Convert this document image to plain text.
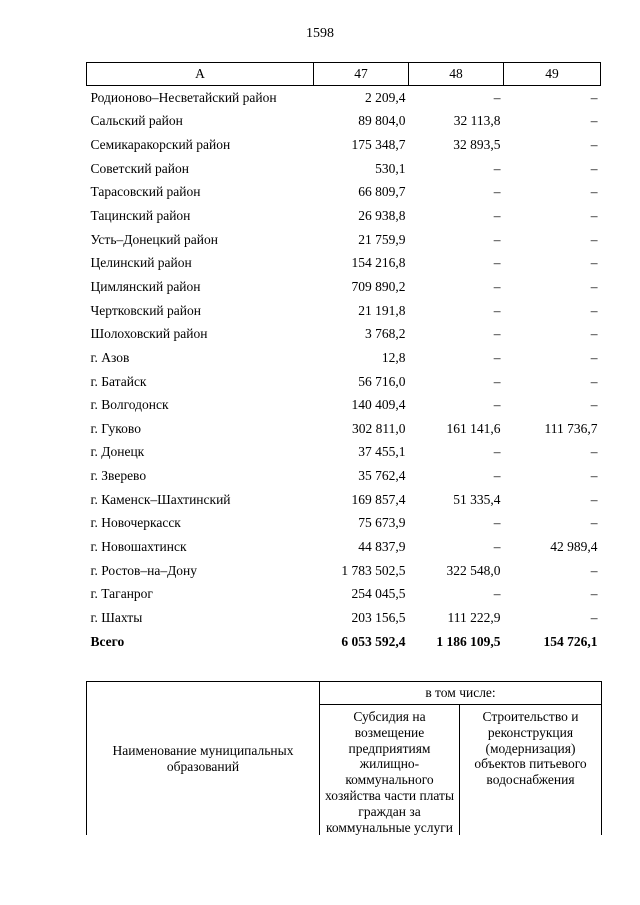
1598
А	47	48	49
Родионово–Несветайский район	2 209,4	–	–
Сальский район	89 804,0	32 113,8	–
Семикаракорский район	175 348,7	32 893,5	–
Советский район	530,1	–	–
Тарасовский район	66 809,7	–	–
Тацинский район	26 938,8	–	–
Усть–Донецкий район	21 759,9	–	–
Целинский район	154 216,8	–	–
Цимлянский район	709 890,2	–	–
Чертковский район	21 191,8	–	–
Шолоховский район	3 768,2	–	–
г. Азов	12,8	–	–
г. Батайск	56 716,0	–	–
г. Волгодонск	140 409,4	–	–
г. Гуково	302 811,0	161 141,6	111 736,7
г. Донецк	37 455,1	–	–
г. Зверево	35 762,4	–	–
г. Каменск–Шахтинский	169 857,4	51 335,4	–
г. Новочеркасск	75 673,9	–	–
г. Новошахтинск	44 837,9	–	42 989,4
г. Ростов–на–Дону	1 783 502,5	322 548,0	–
г. Таганрог	254 045,5	–	–
г. Шахты	203 156,5	111 222,9	–
Всего	6 053 592,4	1 186 109,5	154 726,1
Наименование муниципальных образований	в том числе:	
	Субсидия на возмещение предприятиям жилищно-коммунального хозяйства части платы граждан за коммунальные услуги	Строительство и реконструкция (модернизация) объектов питьевого водоснабжения
